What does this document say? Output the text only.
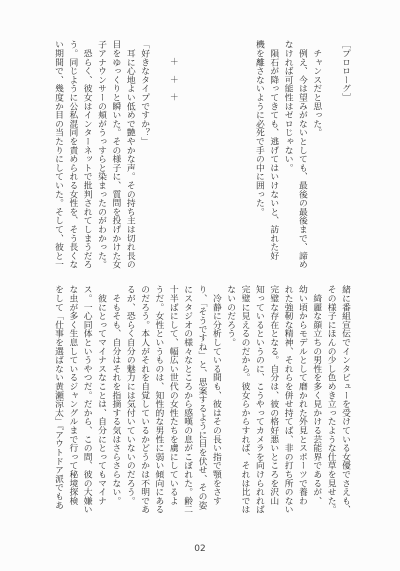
［プロローグ］
　チャンスだと思った。
　例え、今は望みがないとしても、最後の最後まで、諦め
なければ可能性はゼロじゃない。
　隕石が降ってきても、逃げてはいけないと、訪れた好
機を離さないように必死で手の中に囲った。
＋　＋　＋
「好きなタイプですか？」
　耳に心地よい低めで艶やかな声。その持ち主は切れ長の
目をゆっくりと瞬いた。その様子に、質問を投げかけた女
子アナウンサーの頬がうっすらと染まったのがわかった。
　恐らく、彼女はインターネットで批判されてしまうだろ
う。同じように公私混同を責められる女性を、そう長くな
い期間で、幾度か目の当たりにしていた。そして、彼と一
緒に番組宣伝でインタビューを受けている女優でさえも、
その様子にほんの少し色めき立ったような仕草を見せた。
　綺麗な顔立ちの男性を多く見かける芸能界であるが、
幼い頃からモデルとして磨かれた外見とスポーツで養わ
れた強靭な精神、それらを併せ持てば、非の打ち所のない
完璧な存在となる。自分は、彼の格好悪いところを沢山
知っているというのに、こうやってカメラを向けられれば
完璧に見えるのだから。彼女らからすれば、それは比では
ないのだろう。
　冷静に分析している間も、彼はその長い指で顎をさす
り、「そうですね」と、思案するように目を伏せ、その姿
にスタジオの様々なところから感嘆の息がこぼれた。齢二
十半ばにして、幅広い世代の女性たちを虜にしているよ
うだ。女性というものは、知性的な男性に弱い傾向にある
のだろう。本人がそれを自覚しているかどうかは不明であ
るが、恐らく自分の魅力には気付いていないのだろう。
　そもそも、自分はそれを指摘する気はさらさらない。
　彼にとってマイナスなことは、自分にとってもマイナ
ス。一心同体というやつだ。だから、この間、彼の大嫌い
な虫が多く生息しているジャングルまで行って秘境探検
をして「仕事を選ばない黄瀬涼太」『アウトドア派でもあ
02
